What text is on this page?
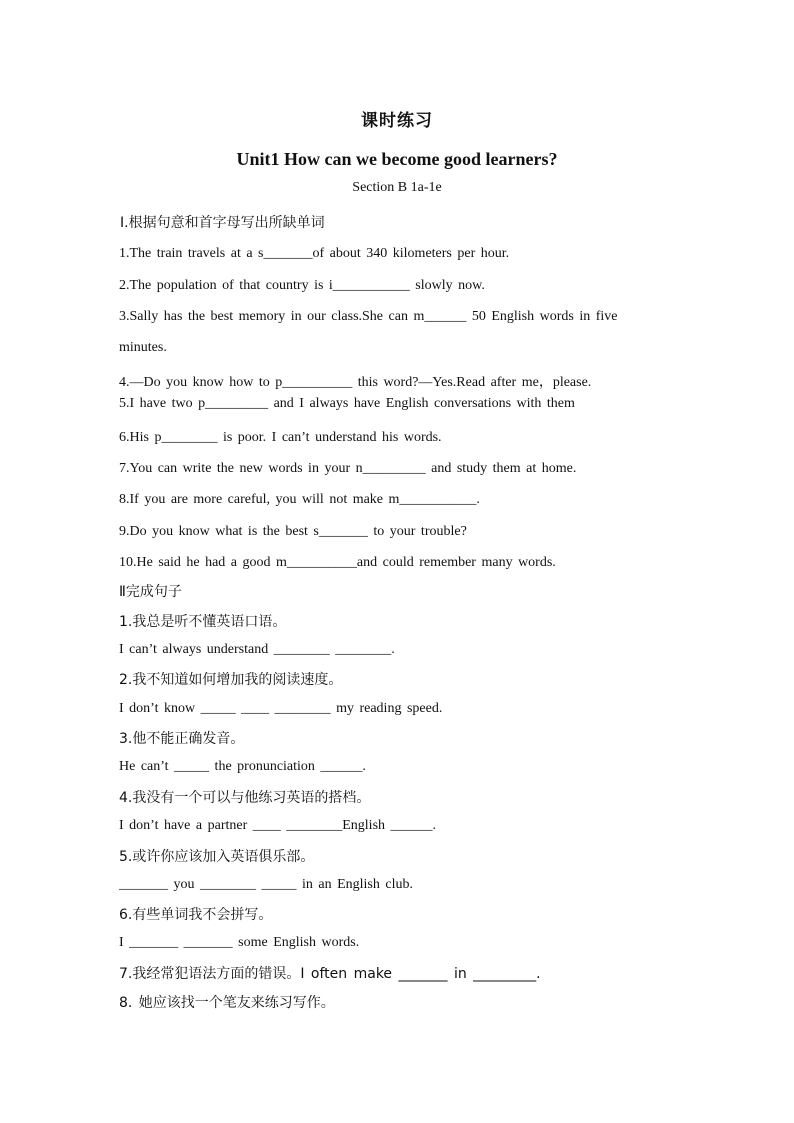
课时练习
Unit1 How can we become good learners?
Section B 1a-1e
Ⅰ.根据句意和首字母写出所缺单词
1.The train travels at a s_______of about 340 kilometers per hour.
2.The population of that country is i___________ slowly now.
3.Sally has the best memory in our class.She can m______ 50 English words in five
minutes.
4.—Do you know how to p__________ this word?—Yes.Read after me，please.
5.I have two p_________ and I always have English conversations with them
6.His p________ is poor. I can’t understand his words.
7.You can write the new words in your n_________ and study them at home.
8.If you are more careful, you will not make m___________.
9.Do you know what is the best s_______ to your trouble?
10.He said he had a good m__________and could remember many words.
Ⅱ完成句子
1.我总是听不懂英语口语。
I can’t always understand ________ ________.
2.我不知道如何增加我的阅读速度。
I don’t know _____ ____ ________ my reading speed.
3.他不能正确发音。
He can’t _____ the pronunciation ______.
4.我没有一个可以与他练习英语的搭档。
I don’t have a partner ____ ________English ______.
5.或许你应该加入英语俱乐部。
_______ you ________ _____ in an English club.
6.有些单词我不会拼写。
I _______ _______ some English words.
7.我经常犯语法方面的错误。I often make _______ in _________.
8. 她应该找一个笔友来练习写作。
